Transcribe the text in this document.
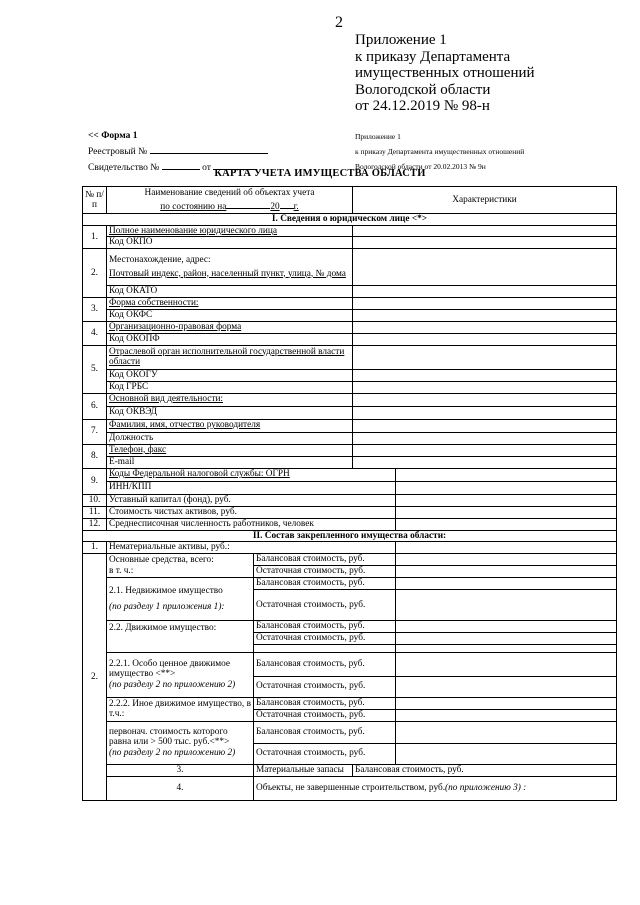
2
Приложение 1
к приказу Департамента
имущественных отношений
Вологодской области
от 24.12.2019 № 98-н
<< Форма 1
Реестровый №
Свидетельство №	от
Приложение 1
к приказу Департамента имущественных отношений
Вологодской области от 20.02.2013 № 9н
КАРТА УЧЕТА ИМУЩЕСТВА ОБЛАСТИ
№ п/п	Наименование сведений об объектах учета
по состоянию на 20 г.		Характеристики		
I. Сведения о юридическом лице <*>					
1.	Полное наименование юридического лица				
	Код ОКПО				
2.	Местонахождение, адрес:
Почтовый индекс, район, населенный пункт, улица, № дома				

	Код ОКАТО				
3.	Форма собственности:				
	Код ОКФС				
4.	Организационно-правовая форма				
	Код ОКОПФ				
5.	Отраслевой орган исполнительной государственной власти области				
	Код ОКОГУ				
	Код ГРБС				
6.	Основной вид деятельности:				
	Код ОКВЭД				
7.	Фамилия, имя, отчество руководителя				
	Должность				
8.	Телефон, факс				
	E-mail				
9.	Коды Федеральной налоговой службы: ОГРН				
	ИНН/КПП				
10.	Уставный капитал (фонд), руб.				
11.	Стоимость чистых активов, руб.				
12.	Среднесписочная численность работников, человек				
II. Состав закрепленного имущества области:					
1.	Нематериальные активы, руб.:				
2.	Основные средства, всего:
в т. ч.:	Балансовая стоимость, руб.			
		Остаточная стоимость, руб.			

	2.1. Недвижимое имущество
(по разделу 1 приложения 1):	Балансовая стоимость, руб.			
		Остаточная стоимость, руб.			
	2.2. Движимое имущество:	Балансовая стоимость, руб.			
		Остаточная стоимость, руб.			

	2.2.1. Особо ценное движимое имущество <**>
(по разделу 2 по приложению 2)	Балансовая стоимость, руб.			
		Остаточная стоимость, руб.			
	2.2.2. Иное движимое имущество, в т.ч.:	Балансовая стоимость, руб.			
		Остаточная стоимость, руб.			

	первонач. стоимость которого равна или > 500 тыс. руб.<**>
(по разделу 2 по приложению 2)	Балансовая стоимость, руб.			
		Остаточная стоимость, руб.			
	3.	Материальные запасы	Балансовая стоимость, руб.		
	4.	Объекты, не завершенные строительством, руб.(по приложению 3) :			
